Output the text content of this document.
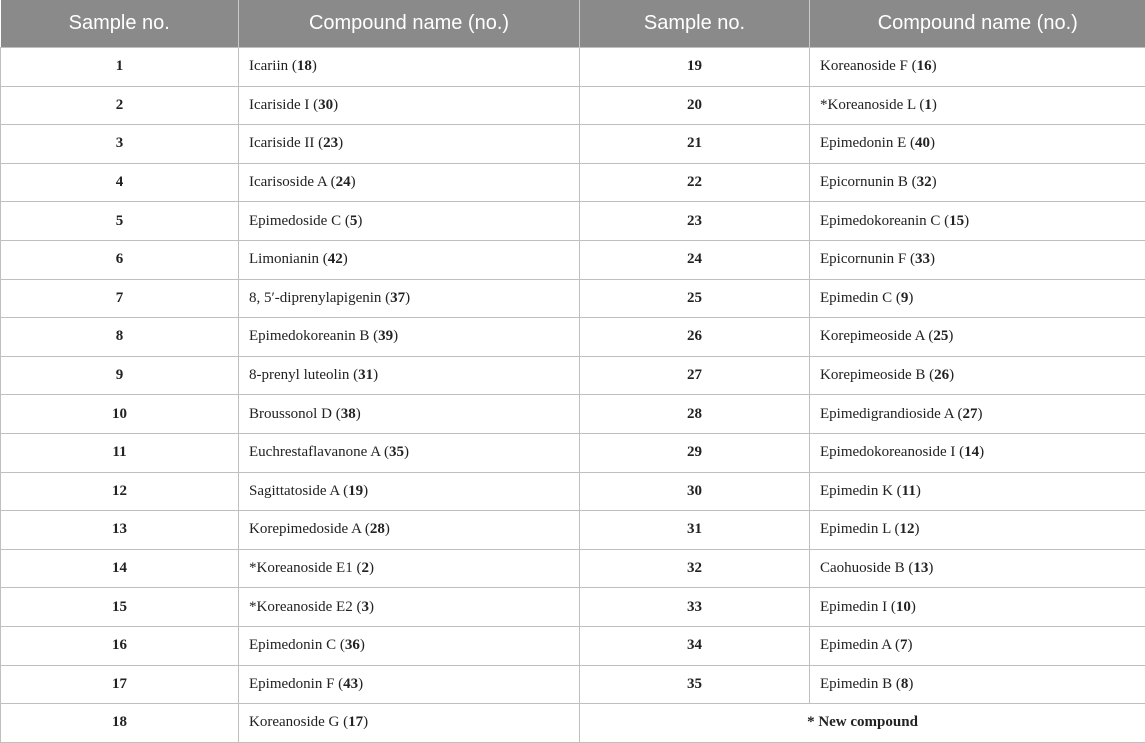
Sample no.	Compound name (no.)	Sample no.	Compound name (no.)
1	Icariin (18)	19	Koreanoside F (16)
2	Icariside I (30)	20	*Koreanoside L (1)
3	Icariside II (23)	21	Epimedonin E (40)
4	Icarisoside A (24)	22	Epicornunin B (32)
5	Epimedoside C (5)	23	Epimedokoreanin C (15)
6	Limonianin (42)	24	Epicornunin F (33)
7	8, 5′-diprenylapigenin (37)	25	Epimedin C (9)
8	Epimedokoreanin B (39)	26	Korepimeoside A (25)
9	8-prenyl luteolin (31)	27	Korepimeoside B (26)
10	Broussonol D (38)	28	Epimedigrandioside A (27)
11	Euchrestaflavanone A (35)	29	Epimedokoreanoside I (14)
12	Sagittatoside A (19)	30	Epimedin K (11)
13	Korepimedoside A (28)	31	Epimedin L (12)
14	*Koreanoside E1 (2)	32	Caohuoside B (13)
15	*Koreanoside E2 (3)	33	Epimedin I (10)
16	Epimedonin C (36)	34	Epimedin A (7)
17	Epimedonin F (43)	35	Epimedin B (8)
18	Koreanoside G (17)	* New compound	
